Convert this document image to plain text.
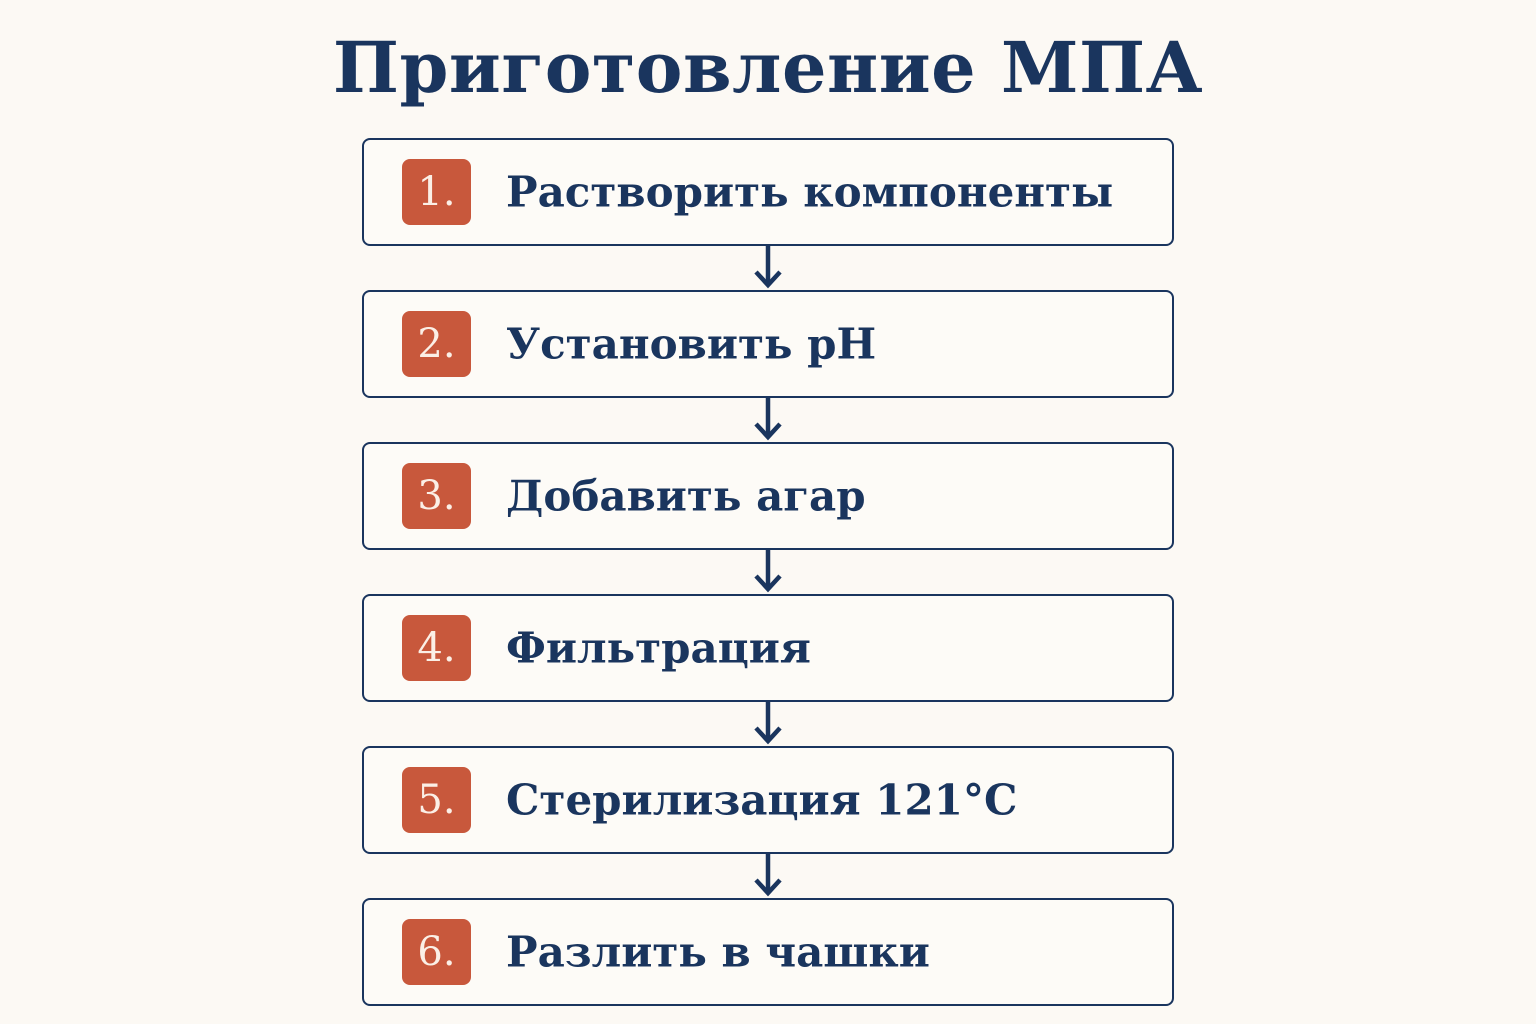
Приготовление МПА
1.	Растворить компоненты
2.	Установить pH
3.	Добавить агар
4.	Фильтрация
5.	Стерилизация 121°C
6.	Разлить в чашки
